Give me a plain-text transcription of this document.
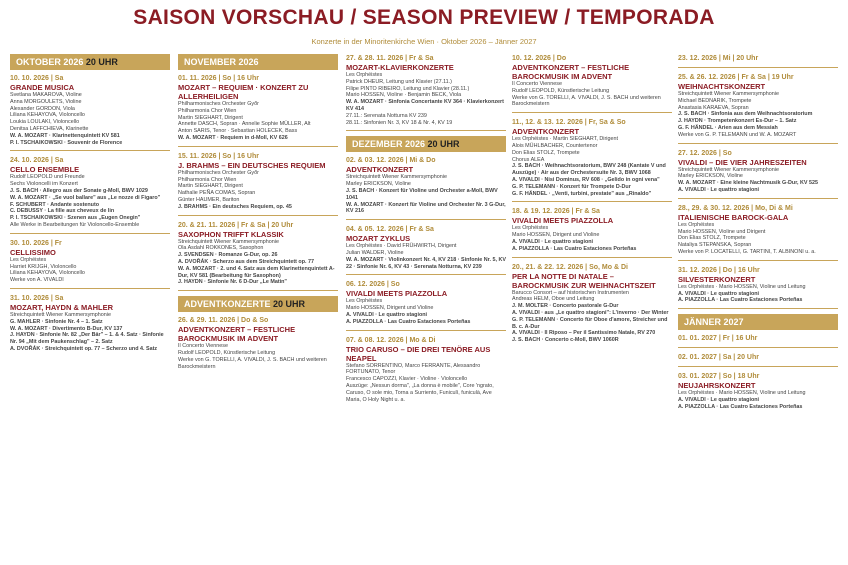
SAISON VORSCHAU / SEASON PREVIEW / TEMPORADA
Konzerte in der Minoritenkirche Wien · Oktober 2026 – Jänner 2027
OKTOBER 2026 20 UHR
10. 10. 2026 | Sa
GRANDE MUSICA
Svetlana MAKAROVA, Violine
Anna MORGOULETS, Violine
Alexander GORDON, Viola
Liliana KEHAYOVA, Violoncello
Loukia LOULAKI, Violoncello
Denitsa LAFFCHIEVA, Klarinette
W. A. MOZART · Klarinettenquintett KV 581
P. I. TSCHAIKOWSKI · Souvenir de Florence
24. 10. 2026 | Sa
CELLO ENSEMBLE
Rudolf LEOPOLD und Freunde
Sechs Violoncelli im Konzert
J. S. BACH · Allegro aus der Sonate g-Moll, BWV 1029
W. A. MOZART · „Se vuol ballare" aus „Le nozze di Figaro"
F. SCHUBERT · Andante sostenuto
C. DEBUSSY · La fille aux cheveux de lin
P. I. TSCHAIKOWSKI · Szenen aus „Eugen Onegin"
Alle Werke in Bearbeitungen für Violoncello-Ensemble
30. 10. 2026 | Fr
CELLISSIMO
Les Orphéistes
Harriet KRIJGH, Violoncello
Liliana KEHAYOVA, Violoncello
Werke von A. VIVALDI
31. 10. 2026 | Sa
MOZART, HAYDN & MAHLER
Streichquintett Wiener Kammersymphonie
G. MAHLER · Sinfonie Nr. 4 – 1. Satz
W. A. MOZART · Divertimento B-Dur, KV 137
J. HAYDN · Sinfonie Nr. 82 „Der Bär" – 1. & 4. Satz · Sinfonie Nr. 94 „Mit dem Paukenschlag" – 2. Satz
A. DVOŘÁK · Streichquintett op. 77 – Scherzo und 4. Satz
NOVEMBER 2026
01. 11. 2026 | So | 16 Uhr
MOZART – REQUIEM · KONZERT ZU ALLERHEILIGEN
Philharmonisches Orchester Győr
Philharmonia Chor Wien
Martin SIEGHART, Dirigent
Annette DASCH, Sopran · Annelie Sophie MÜLLER, Alt
Anton SARIS, Tenor · Sebastian HOLECEK, Bass
W. A. MOZART · Requiem in d-Moll, KV 626
15. 11. 2026 | So | 16 Uhr
J. BRAHMS – EIN DEUTSCHES REQUIEM
Philharmonisches Orchester Győr
Philharmonia Chor Wien
Martin SIEGHART, Dirigent
Nathalie PEÑA COMAS, Sopran
Günter HAUMER, Bariton
J. BRAHMS · Ein deutsches Requiem, op. 45
20. & 21. 11. 2026 | Fr & Sa | 20 Uhr
SAXOPHON TRIFFT KLASSIK
Streichquintett Wiener Kammersymphonie
Ola Asdahl ROKKONES, Saxophon
J. SVENDSEN · Romanze G-Dur, op. 26
A. DVOŘÁK · Scherzo aus dem Streichquintett op. 77
W. A. MOZART · 2. und 4. Satz aus dem Klarinettenquintett A-Dur, KV 581 (Bearbeitung für Saxophon)
J. HAYDN · Sinfonie Nr. 6 D-Dur „Le Matin"
ADVENTKONZERTE 20 UHR
26. & 29. 11. 2026 | Do & So
ADVENTKONZERT – FESTLICHE BAROCKMUSIK IM ADVENT
Il Concerto Viennese
Rudolf LEOPOLD, Künstlerische Leitung
Werke von G. TORELLI, A. VIVALDI, J. S. BACH und weiteren Barockmeistern
27. & 28. 11. 2026 | Fr & Sa
MOZART-KLAVIERKONZERTE
Les Orphéistes
Patrick DHEUR, Leitung und Klavier (27.11.)
Filipe PINTO RIBEIRO, Leitung und Klavier (28.11.)
Mario HOSSEN, Violine · Benjamin BECK, Viola
W. A. MOZART · Sinfonia Concertante KV 364 · Klavierkonzert KV 414
27.11.: Serenata Notturna KV 239
28.11.: Sinfonien Nr. 3, KV 18 & Nr. 4, KV 19
DEZEMBER 2026 20 UHR
02. & 03. 12. 2026 | Mi & Do
ADVENTKONZERT
Streichquintett Wiener Kammersymphonie
Marley ERICKSON, Violine
J. S. BACH · Konzert für Violine und Orchester a-Moll, BWV 1041
W. A. MOZART · Konzert für Violine und Orchester Nr. 3 G-Dur, KV 216
04. & 05. 12. 2026 | Fr & Sa
MOZART ZYKLUS
Les Orphéistes · David FRÜHWIRTH, Dirigent
Julian WALDER, Violine
W. A. MOZART · Violinkonzert Nr. 4, KV 218 · Sinfonie Nr. 5, KV 22 · Sinfonie Nr. 6, KV 43 · Serenata Notturna, KV 239
06. 12. 2026 | So
VIVALDI MEETS PIAZZOLLA
Les Orphéistes
Mario HOSSEN, Dirigent und Violine
A. VIVALDI · Le quattro stagioni
A. PIAZZOLLA · Las Cuatro Estaciones Porteñas
07. & 08. 12. 2026 | Mo & Di
TRIO CARUSO – DIE DREI TENÖRE AUS NEAPEL
Stefano SORRENTINO, Marco FERRANTE, Alessandro FORTUNATO, Tenor
Francesco CAPOZZI, Klavier · Violine · Violoncello
Auszüge: „Nessun dorma", „La donna è mobile", Core 'ngrato, Caruso, O sole mio, Torna a Surriento, Funiculì, funiculà, Ave Maria, O Holy Night u. a.
10. 12. 2026 | Do
ADVENTKONZERT – FESTLICHE BAROCKMUSIK IM ADVENT
Il Concerto Viennese
Rudolf LEOPOLD, Künstlerische Leitung
Werke von G. TORELLI, A. VIVALDI, J. S. BACH und weiteren Barockmeistern
11., 12. & 13. 12. 2026 | Fr, Sa & So
ADVENTKONZERT
Les Orphéistes · Martin SIEGHART, Dirigent
Alois MÜHLBACHER, Countertenor
Don Elias STOLZ, Trompete
Chorus ALEA
J. S. BACH · Weihnachtsoratorium, BWV 248 (Kantate V und Auszüge) · Air aus der Orchestersuite Nr. 3, BWV 1068
A. VIVALDI · Nisi Dominus, RV 608 · „Gelido in ogni vena"
G. P. TELEMANN · Konzert für Trompete D-Dur
G. F. HÄNDEL · „Venti, turbini, prestate" aus „Rinaldo"
18. & 19. 12. 2026 | Fr & Sa
VIVALDI MEETS PIAZZOLLA
Les Orphéistes
Mario HOSSEN, Dirigent und Violine
A. VIVALDI · Le quattro stagioni
A. PIAZZOLLA · Las Cuatro Estaciones Porteñas
20., 21. & 22. 12. 2026 | So, Mo & Di
PER LA NOTTE DI NATALE – BAROCKMUSIK ZUR WEIHNACHTSZEIT
Barucco Consort – auf historischen Instrumenten
Andreas HELM, Oboe und Leitung
J. M. MOLTER · Concerto pastorale G-Dur
A. VIVALDI · aus „Le quattro stagioni": L'inverno · Der Winter
G. P. TELEMANN · Concerto für Oboe d'amore, Streicher und B. c. A-Dur
A. VIVALDI · Il Riposo – Per il Santissimo Natale, RV 270
J. S. BACH · Concerto c-Moll, BWV 1060R
23. 12. 2026 | Mi | 20 Uhr
25. & 26. 12. 2026 | Fr & Sa | 19 Uhr
WEIHNACHTSKONZERT
Streichquintett Wiener Kammersymphonie
Michael BEDNARIK, Trompete
Anastasia KARAEVA, Sopran
J. S. BACH · Sinfonia aus dem Weihnachtsoratorium
J. HAYDN · Trompetenkonzert Es-Dur – 1. Satz
G. F. HÄNDEL · Arien aus dem Messiah
Werke von G. P. TELEMANN und W. A. MOZART
27. 12. 2026 | So
VIVALDI – DIE VIER JAHRESZEITEN
Streichquintett Wiener Kammersymphonie
Marley ERICKSON, Violine
W. A. MOZART · Eine kleine Nachtmusik G-Dur, KV 525
A. VIVALDI · Le quattro stagioni
28., 29. & 30. 12. 2026 | Mo, Di & Mi
ITALIENISCHE BAROCK-GALA
Les Orphéistes
Mario HOSSEN, Violine und Dirigent
Don Elias STOLZ, Trompete
Nataliya STEPANSKA, Sopran
Werke von P. LOCATELLI, G. TARTINI, T. ALBINONI u. a.
31. 12. 2026 | Do | 16 Uhr
SILVESTERKONZERT
Les Orphéistes · Mario HOSSEN, Violine und Leitung
A. VIVALDI · Le quattro stagioni
A. PIAZZOLLA · Las Cuatro Estaciones Porteñas
JÄNNER 2027
01. 01. 2027 | Fr | 16 Uhr
02. 01. 2027 | Sa | 20 Uhr
03. 01. 2027 | So | 18 Uhr
NEUJAHRSKONZERT
Les Orphéistes · Mario HOSSEN, Violine und Leitung
A. VIVALDI · Le quattro stagioni
A. PIAZZOLLA · Las Cuatro Estaciones Porteñas
